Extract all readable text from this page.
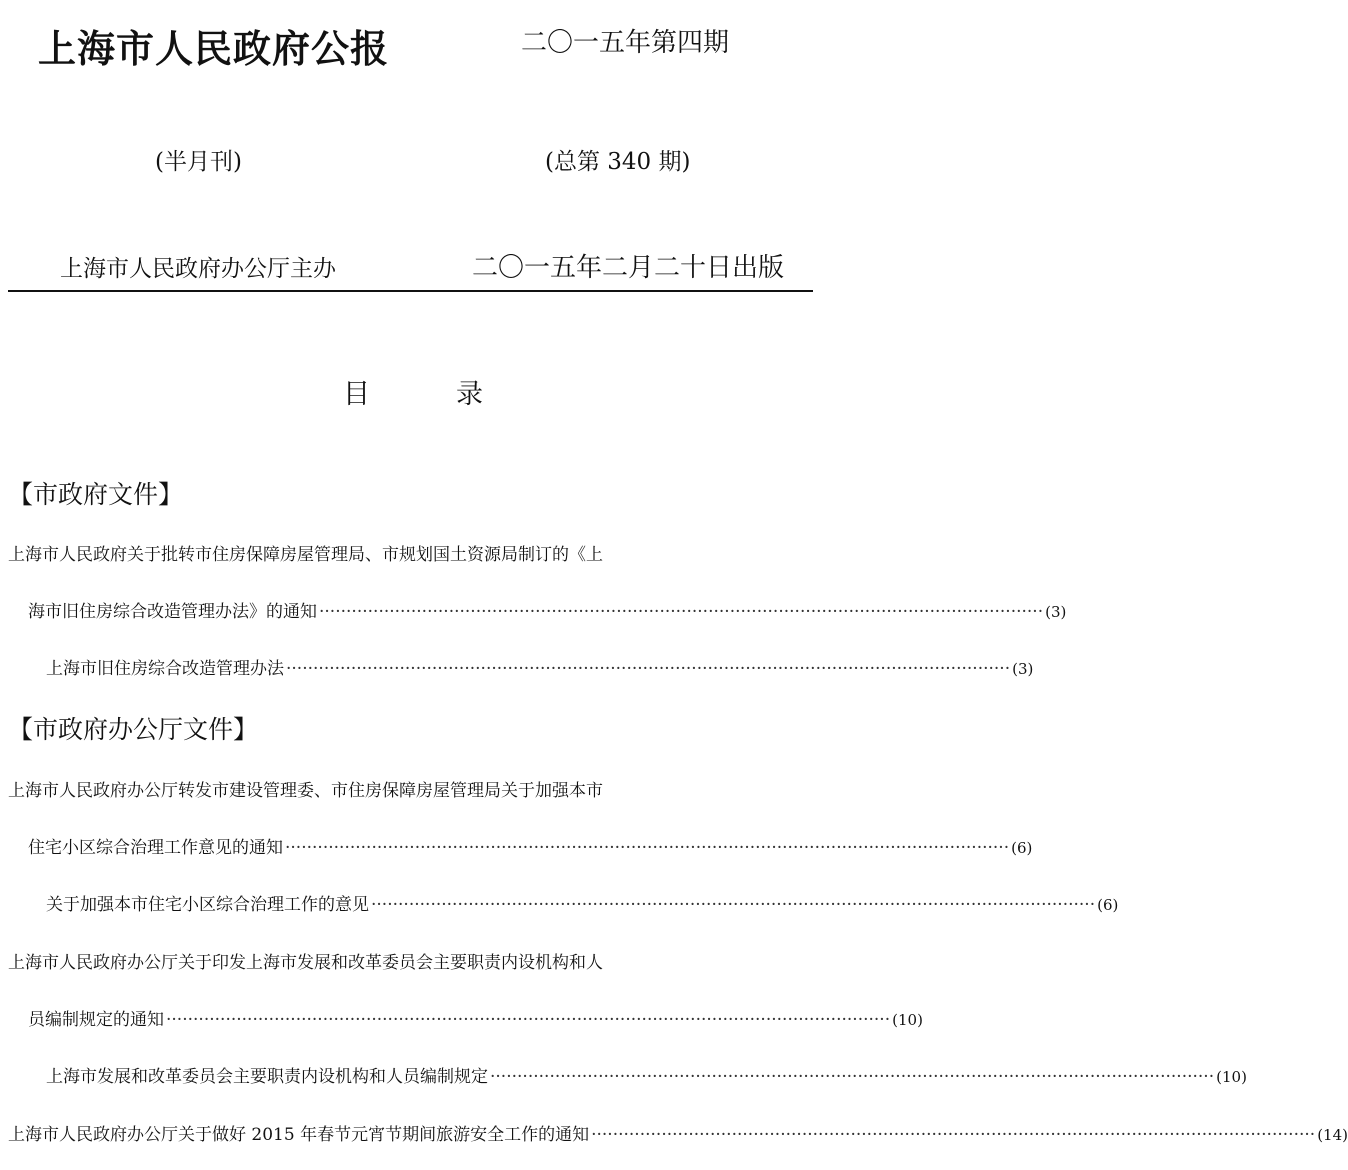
上海市人民政府公报	二〇一五年第四期
(半月刊)	(总第 340 期)
上海市人民政府办公厅主办	二〇一五年二月二十日出版
目	录
【市政府文件】
上海市人民政府关于批转市住房保障房屋管理局、市规划国土资源局制订的《上
海市旧住房综合改造管理办法》的通知 ······································································································································ (3)
上海市旧住房综合改造管理办法 ······································································································································ (3)
【市政府办公厅文件】
上海市人民政府办公厅转发市建设管理委、市住房保障房屋管理局关于加强本市
住宅小区综合治理工作意见的通知 ······································································································································ (6)
关于加强本市住宅小区综合治理工作的意见 ······································································································································ (6)
上海市人民政府办公厅关于印发上海市发展和改革委员会主要职责内设机构和人
员编制规定的通知 ······································································································································ (10)
上海市发展和改革委员会主要职责内设机构和人员编制规定 ······································································································································ (10)
上海市人民政府办公厅关于做好 2015 年春节元宵节期间旅游安全工作的通知 ······································································································································ (14)
